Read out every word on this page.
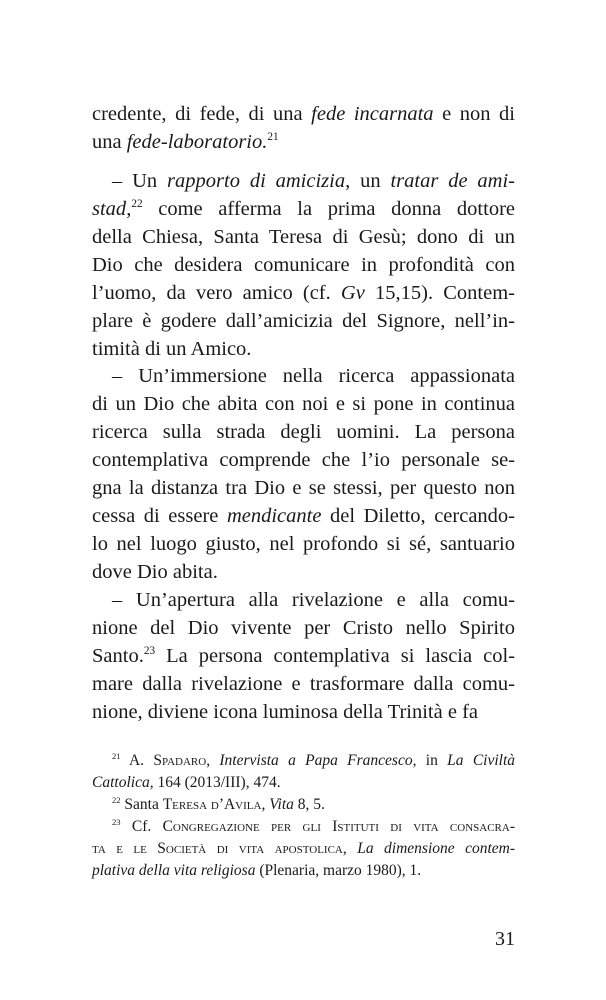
credente, di fede, di una fede incarnata e non di
una fede-laboratorio.$^{21}$
– Un rapporto di amicizia, un tratar de ami-
stad,$^{22}$ come afferma la prima donna dottore
della Chiesa, Santa Teresa di Gesù; dono di un
Dio che desidera comunicare in profondità con
l’uomo, da vero amico (cf. Gv 15,15). Contem-
plare è godere dall’amicizia del Signore, nell’in-
timità di un Amico.
– Un’immersione nella ricerca appassionata
di un Dio che abita con noi e si pone in continua
ricerca sulla strada degli uomini. La persona
contemplativa comprende che l’io personale se-
gna la distanza tra Dio e se stessi, per questo non
cessa di essere mendicante del Diletto, cercando-
lo nel luogo giusto, nel profondo si sé, santuario
dove Dio abita.
– Un’apertura alla rivelazione e alla comu-
nione del Dio vivente per Cristo nello Spirito
Santo.$^{23}$ La persona contemplativa si lascia col-
mare dalla rivelazione e trasformare dalla comu-
nione, diviene icona luminosa della Trinità e fa
$^{21}$ A. Spadaro, Intervista a Papa Francesco, in La Civiltà
Cattolica, 164 (2013/III), 474.
$^{22}$ Santa Teresa d’Avila, Vita 8, 5.
$^{23}$ Cf. Congregazione per gli Istituti di vita consacra-
ta e le Società di vita apostolica, La dimensione contem-
plativa della vita religiosa (Plenaria, marzo 1980), 1.
31
